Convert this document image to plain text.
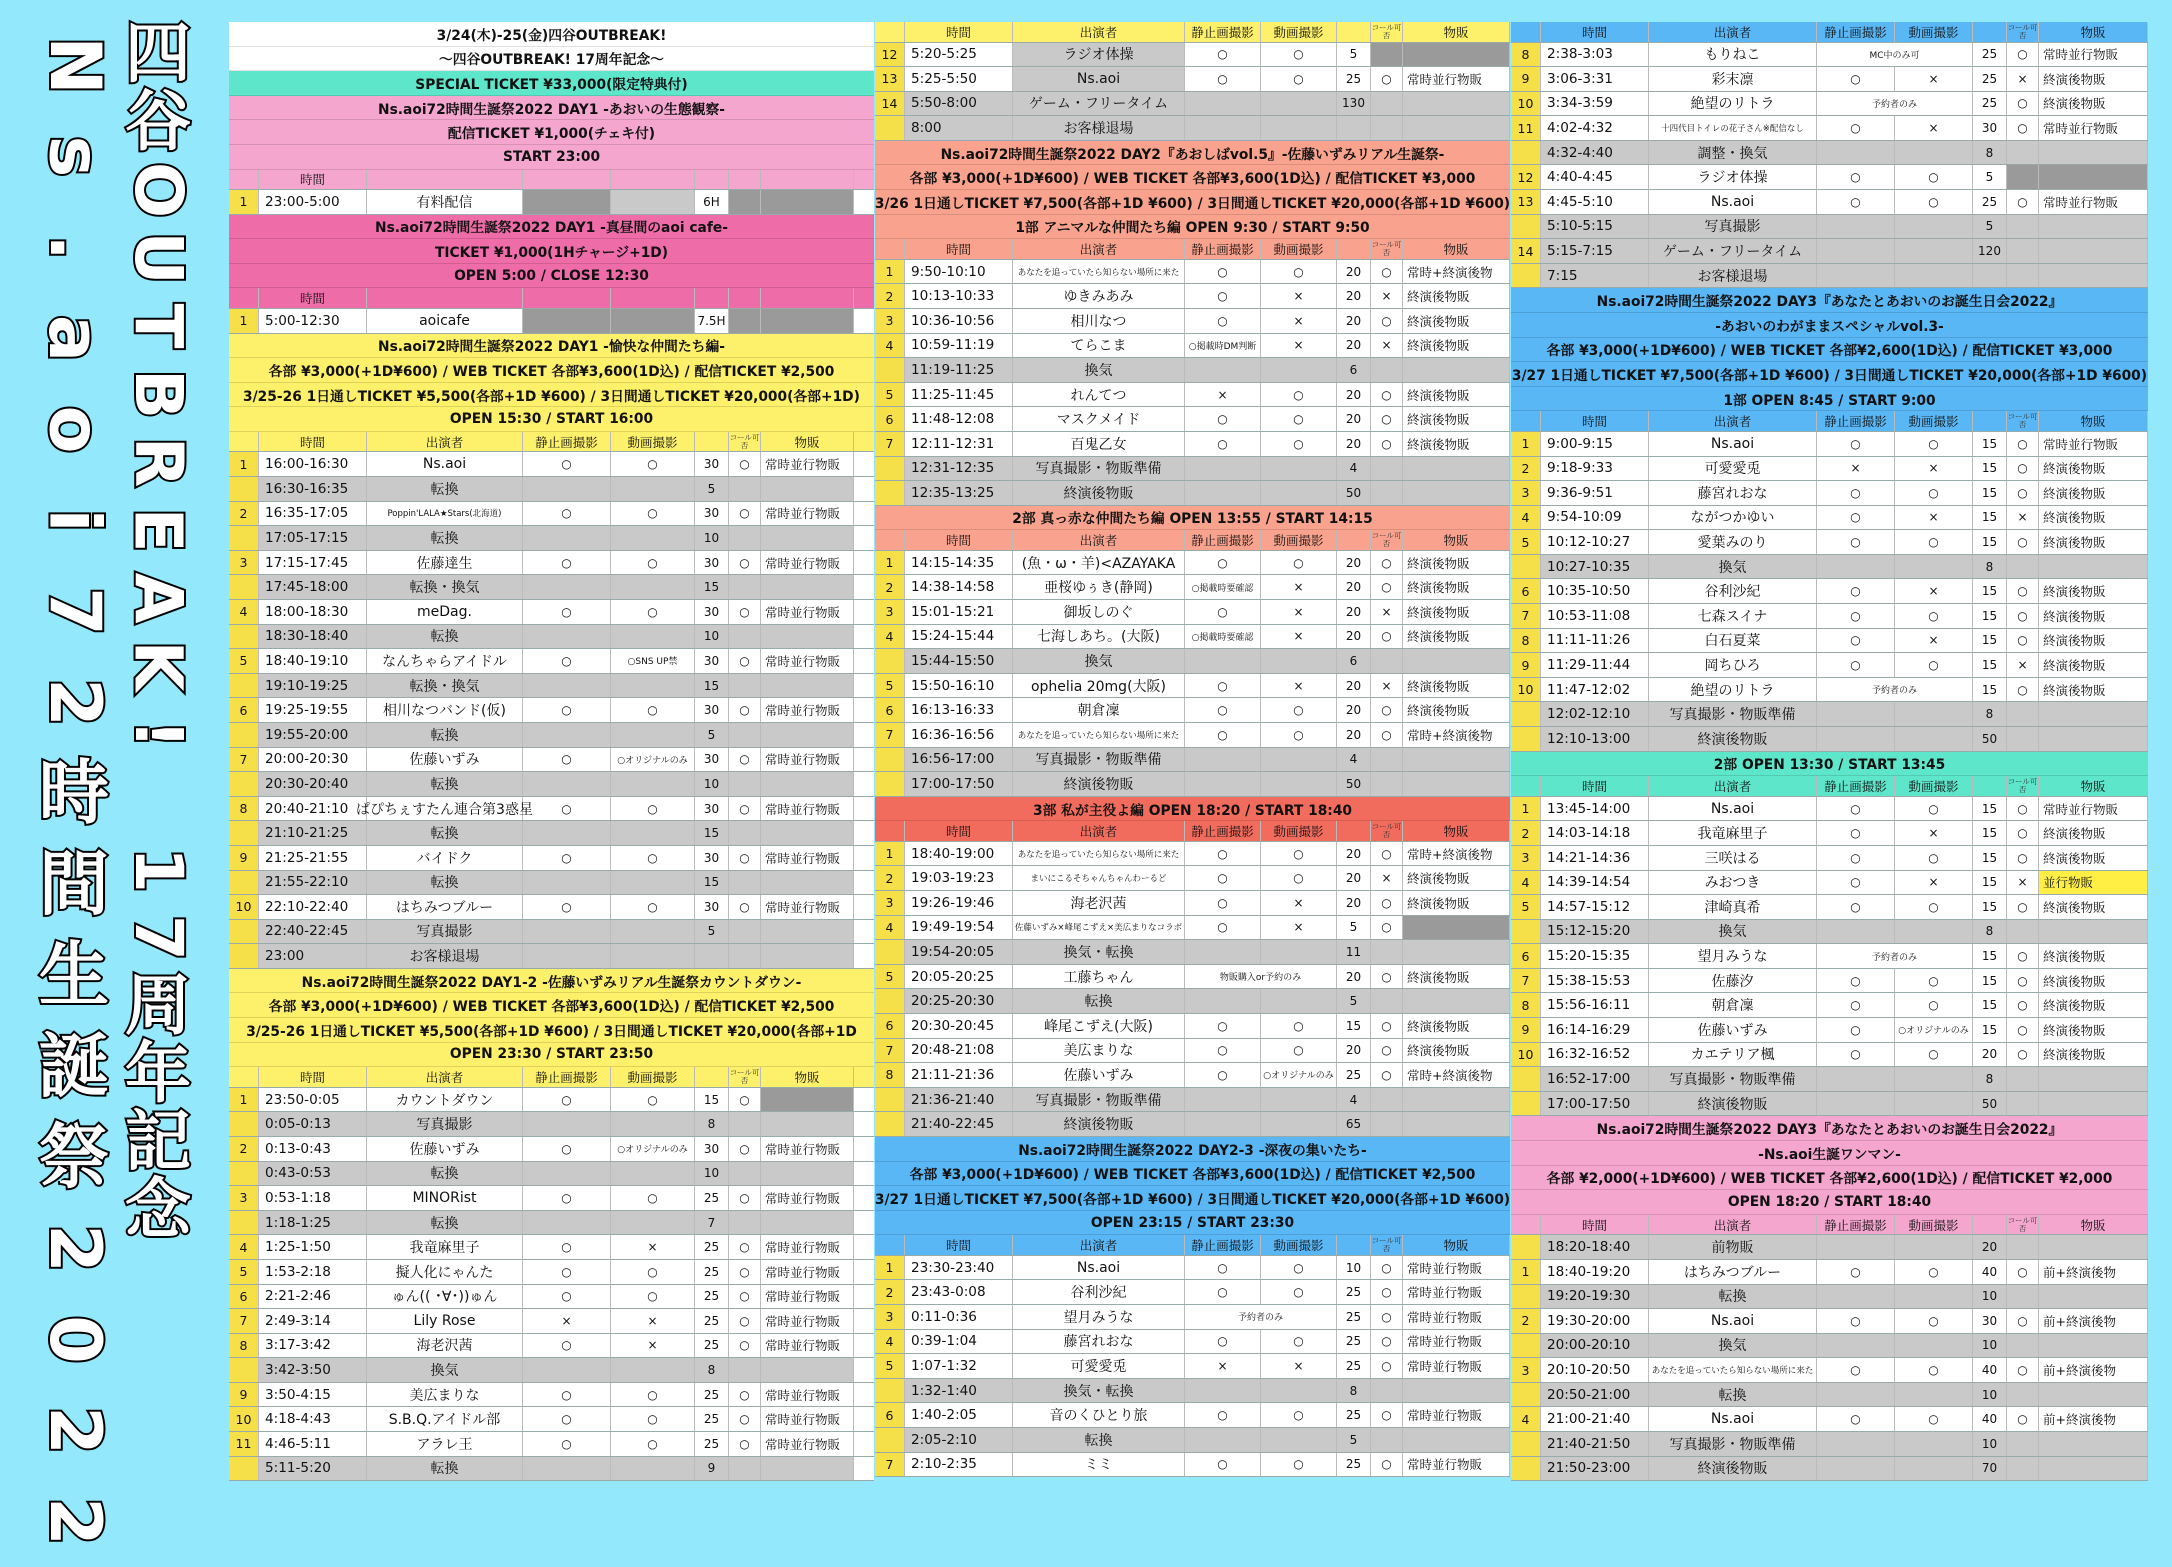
N
s
.
a
o
i
7
2
時
間
生
誕
祭
2
0
2
2
四
谷
O
U
T
B
R
E
A
K
!
1
7
周
年
記
念
3/24(木)-25(金)四谷OUTBREAK!
〜四谷OUTBREAK! 17周年記念〜
SPECIAL TICKET ¥33,000(限定特典付)
Ns.aoi72時間生誕祭2022 DAY1 -あおいの生態観察-
配信TICKET ¥1,000(チェキ付)
START 23:00
時間
1	23:00-5:00	有料配信	6H
Ns.aoi72時間生誕祭2022 DAY1 -真昼間のaoi cafe-
TICKET ¥1,000(1Hチャージ+1D)
OPEN 5:00 / CLOSE 12:30
時間
1	5:00-12:30	aoicafe	7.5H
Ns.aoi72時間生誕祭2022 DAY1 -愉快な仲間たち編-
各部 ¥3,000(+1D¥600) / WEB TICKET 各部¥3,600(1D込) / 配信TICKET ¥2,500
3/25-26 1日通しTICKET ¥5,500(各部+1D ¥600) / 3日間通しTICKET ¥20,000(各部+1D)
OPEN 15:30 / START 16:00
時間	出演者	静止画撮影	動画撮影	コール可否	物販
1	16:00-16:30	Ns.aoi	○	○	30	○	常時並行物販
16:30-16:35	転換	5
2	16:35-17:05	Poppin'LALA★Stars(北海道)	○	○	30	○	常時並行物販
17:05-17:15	転換	10
3	17:15-17:45	佐藤達生	○	○	30	○	常時並行物販
17:45-18:00	転換・換気	15
4	18:00-18:30	meDag.	○	○	30	○	常時並行物販
18:30-18:40	転換	10
5	18:40-19:10	なんちゃらアイドル	○	○SNS UP禁	30	○	常時並行物販
19:10-19:25	転換・換気	15
6	19:25-19:55	相川なつバンド(仮)	○	○	30	○	常時並行物販
19:55-20:00	転換	5
7	20:00-20:30	佐藤いずみ	○	○オリジナルのみ	30	○	常時並行物販
20:30-20:40	転換	10
8	20:40-21:10 ぱぴちぇすたん連合第3惑星	○	○	30	○	常時並行物販
21:10-21:25	転換	15
9	21:25-21:55	バイドク	○	○	30	○	常時並行物販
21:55-22:10	転換	15
10 22:10-22:40	はちみつブルー	○	○	30	○	常時並行物販
22:40-22:45	写真撮影	5
23:00	お客様退場
Ns.aoi72時間生誕祭2022 DAY1-2 -佐藤いずみリアル生誕祭カウントダウン-
各部 ¥3,000(+1D¥600) / WEB TICKET 各部¥3,600(1D込) / 配信TICKET ¥2,500
3/25-26 1日通しTICKET ¥5,500(各部+1D ¥600) / 3日間通しTICKET ¥20,000(各部+1D
OPEN 23:30 / START 23:50
時間	出演者	静止画撮影	動画撮影	コール可否	物販
1	23:50-0:05	カウントダウン	○	○	15	○
0:05-0:13	写真撮影	8
2	0:13-0:43	佐藤いずみ	○	○オリジナルのみ	30	○	常時並行物販
0:43-0:53	転換	10
3	0:53-1:18	MINORist	○	○	25	○	常時並行物販
1:18-1:25	転換	7
4	1:25-1:50	我竜麻里子	○	×	25	○	常時並行物販
5	1:53-2:18	擬人化にゃんた	○	○	25	○	常時並行物販
6	2:21-2:46	ゅん(( ･∀･))ゅん	○	○	25	○	常時並行物販
7	2:49-3:14	Lily Rose	×	×	25	○	常時並行物販
8	3:17-3:42	海老沢茜	○	×	25	○	常時並行物販
3:42-3:50	換気	8
9	3:50-4:15	美広まりな	○	○	25	○	常時並行物販
10 4:18-4:43	S.B.Q.アイドル部	○	○	25	○	常時並行物販
11 4:46-5:11	アラレ王	○	○	25	○	常時並行物販
5:11-5:20	転換	9
時間	出演者	静止画撮影	動画撮影	コール可否	物販
12 5:20-5:25	ラジオ体操	○	○	5
13 5:25-5:50	Ns.aoi	○	○	25	○	常時並行物販
14 5:50-8:00	ゲーム・フリータイム	130
8:00	お客様退場
Ns.aoi72時間生誕祭2022 DAY2『あおしばvol.5』-佐藤いずみリアル生誕祭-
各部 ¥3,000(+1D¥600) / WEB TICKET 各部¥3,600(1D込) / 配信TICKET ¥3,000
3/26 1日通しTICKET ¥7,500(各部+1D ¥600) / 3日間通しTICKET ¥20,000(各部+1D ¥600)
1部 アニマルな仲間たち編 OPEN 9:30 / START 9:50
時間	出演者	静止画撮影	動画撮影	コール可否	物販
1	9:50-10:10	あなたを追っていたら知らない場所に来た	○	○	20	○	常時+終演後物
2	10:13-10:33	ゆきみあみ	○	×	20	×	終演後物販
3	10:36-10:56	相川なつ	○	×	20	○	終演後物販
4	10:59-11:19	てらこま	○掲載時DM判断	×	20	×	終演後物販
11:19-11:25	換気	6
5	11:25-11:45	れんてつ	×	○	20	○	終演後物販
6	11:48-12:08	マスクメイド	○	○	20	○	終演後物販
7	12:11-12:31	百鬼乙女	○	○	20	○	終演後物販
12:31-12:35	写真撮影・物販準備	4
12:35-13:25	終演後物販	50
2部 真っ赤な仲間たち編 OPEN 13:55 / START 14:15
時間	出演者	静止画撮影	動画撮影	コール可否	物販
1	14:15-14:35	(魚・ω・羊)<AZAYAKA	○	○	20	○	終演後物販
2	14:38-14:58	亜桜ゆぅき(静岡)	○掲載時要確認	×	20	○	終演後物販
3	15:01-15:21	御坂しのぐ	○	×	20	×	終演後物販
4	15:24-15:44	七海しあち。(大阪)	○掲載時要確認	×	20	○	終演後物販
15:44-15:50	換気	6
5	15:50-16:10	ophelia 20mg(大阪)	○	×	20	×	終演後物販
6	16:13-16:33	朝倉凜	○	○	20	○	終演後物販
7	16:36-16:56	あなたを追っていたら知らない場所に来た	○	○	20	○	常時+終演後物
16:56-17:00	写真撮影・物販準備	4
17:00-17:50	終演後物販	50
3部 私が主役よ編 OPEN 18:20 / START 18:40
時間	出演者	静止画撮影	動画撮影	コール可否	物販
1	18:40-19:00	あなたを追っていたら知らない場所に来た	○	○	20	○	常時+終演後物
2	19:03-19:23	まいにこるそちゃんちゃんわーるど	○	○	20	×	終演後物販
3	19:26-19:46	海老沢茜	○	×	20	○	終演後物販
4	19:49-19:54	佐藤いずみ×峰尾こずえ×美広まりなコラボ	○	×	5	○
19:54-20:05	換気・転換	11
5	20:05-20:25	工藤ちゃん	物販購入or予約のみ	20	○	終演後物販
20:25-20:30	転換	5
6	20:30-20:45	峰尾こずえ(大阪)	○	○	15	○	終演後物販
7	20:48-21:08	美広まりな	○	○	20	○	終演後物販
8	21:11-21:36	佐藤いずみ	○	○オリジナルのみ	25	○	常時+終演後物
21:36-21:40	写真撮影・物販準備	4
21:40-22:45	終演後物販	65
Ns.aoi72時間生誕祭2022 DAY2-3 -深夜の集いたち-
各部 ¥3,000(+1D¥600) / WEB TICKET 各部¥3,600(1D込) / 配信TICKET ¥2,500
3/27 1日通しTICKET ¥7,500(各部+1D ¥600) / 3日間通しTICKET ¥20,000(各部+1D ¥600)
OPEN 23:15 / START 23:30
時間	出演者	静止画撮影	動画撮影	コール可否	物販
1	23:30-23:40	Ns.aoi	○	○	10	○	常時並行物販
2	23:43-0:08	谷利沙紀	○	○	25	○	常時並行物販
3	0:11-0:36	望月みうな	予約者のみ	25	○	常時並行物販
4	0:39-1:04	藤宮れおな	○	○	25	○	常時並行物販
5	1:07-1:32	可愛愛兎	×	×	25	○	常時並行物販
1:32-1:40	換気・転換	8
6	1:40-2:05	音のくひとり旅	○	○	25	○	常時並行物販
2:05-2:10	転換	5
7	2:10-2:35	ミミ	○	○	25	○	常時並行物販
時間	出演者	静止画撮影	動画撮影	コール可否	物販
8	2:38-3:03	もりねこ	MC中のみ可	25	○	常時並行物販
9	3:06-3:31	彩末凛	○	×	25	×	終演後物販
10 3:34-3:59	絶望のリトラ	予約者のみ	25	○	終演後物販
11 4:02-4:32	十四代目トイレの花子さん※配信なし	○	×	30	○	常時並行物販
4:32-4:40	調整・換気	8
12 4:40-4:45	ラジオ体操	○	○	5
13 4:45-5:10	Ns.aoi	○	○	25	○	常時並行物販
5:10-5:15	写真撮影	5
14 5:15-7:15	ゲーム・フリータイム	120
7:15	お客様退場
Ns.aoi72時間生誕祭2022 DAY3『あなたとあおいのお誕生日会2022』
-あおいのわがままスペシャルvol.3-
各部 ¥3,000(+1D¥600) / WEB TICKET 各部¥2,600(1D込) / 配信TICKET ¥3,000
3/27 1日通しTICKET ¥7,500(各部+1D ¥600) / 3日間通しTICKET ¥20,000(各部+1D ¥600)
1部 OPEN 8:45 / START 9:00
時間	出演者	静止画撮影	動画撮影	コール可否	物販
1	9:00-9:15	Ns.aoi	○	○	15	○	常時並行物販
2	9:18-9:33	可愛愛兎	×	×	15	○	終演後物販
3	9:36-9:51	藤宮れおな	○	○	15	○	終演後物販
4	9:54-10:09	ながつかゆい	○	×	15	×	終演後物販
5	10:12-10:27	愛葉みのり	○	○	15	○	終演後物販
10:27-10:35	換気	8
6	10:35-10:50	谷利沙紀	○	×	15	○	終演後物販
7	10:53-11:08	七森スイナ	○	○	15	○	終演後物販
8	11:11-11:26	白石夏菜	○	×	15	○	終演後物販
9	11:29-11:44	岡ちひろ	○	○	15	×	終演後物販
10 11:47-12:02	絶望のリトラ	予約者のみ	15	○	終演後物販
12:02-12:10	写真撮影・物販準備	8
12:10-13:00	終演後物販	50
2部 OPEN 13:30 / START 13:45
時間	出演者	静止画撮影	動画撮影	コール可否	物販
1	13:45-14:00	Ns.aoi	○	○	15	○	常時並行物販
2	14:03-14:18	我竜麻里子	○	×	15	○	終演後物販
3	14:21-14:36	三咲はる	○	○	15	○	終演後物販
4	14:39-14:54	みおつき	○	×	15	×	並行物販
5	14:57-15:12	津崎真希	○	○	15	○	終演後物販
15:12-15:20	換気	8
6	15:20-15:35	望月みうな	予約者のみ	15	○	終演後物販
7	15:38-15:53	佐藤汐	○	○	15	○	終演後物販
8	15:56-16:11	朝倉凜	○	○	15	○	終演後物販
9	16:14-16:29	佐藤いずみ	○	○オリジナルのみ	15	○	終演後物販
10 16:32-16:52	カエテリア楓	○	○	20	○	終演後物販
16:52-17:00	写真撮影・物販準備	8
17:00-17:50	終演後物販	50
Ns.aoi72時間生誕祭2022 DAY3『あなたとあおいのお誕生日会2022』
-Ns.aoi生誕ワンマン-
各部 ¥2,000(+1D¥600) / WEB TICKET 各部¥2,600(1D込) / 配信TICKET ¥2,000
OPEN 18:20 / START 18:40
時間	出演者	静止画撮影	動画撮影	コール可否	物販
18:20-18:40	前物販	20
1	18:40-19:20	はちみつブルー	○	○	40	○	前+終演後物
19:20-19:30	転換	10
2	19:30-20:00	Ns.aoi	○	○	30	○	前+終演後物
20:00-20:10	換気	10
3	20:10-20:50	あなたを追っていたら知らない場所に来た	○	○	40	○	前+終演後物
20:50-21:00	転換	10
4	21:00-21:40	Ns.aoi	○	○	40	○	前+終演後物
21:40-21:50	写真撮影・物販準備	10
21:50-23:00	終演後物販	70
